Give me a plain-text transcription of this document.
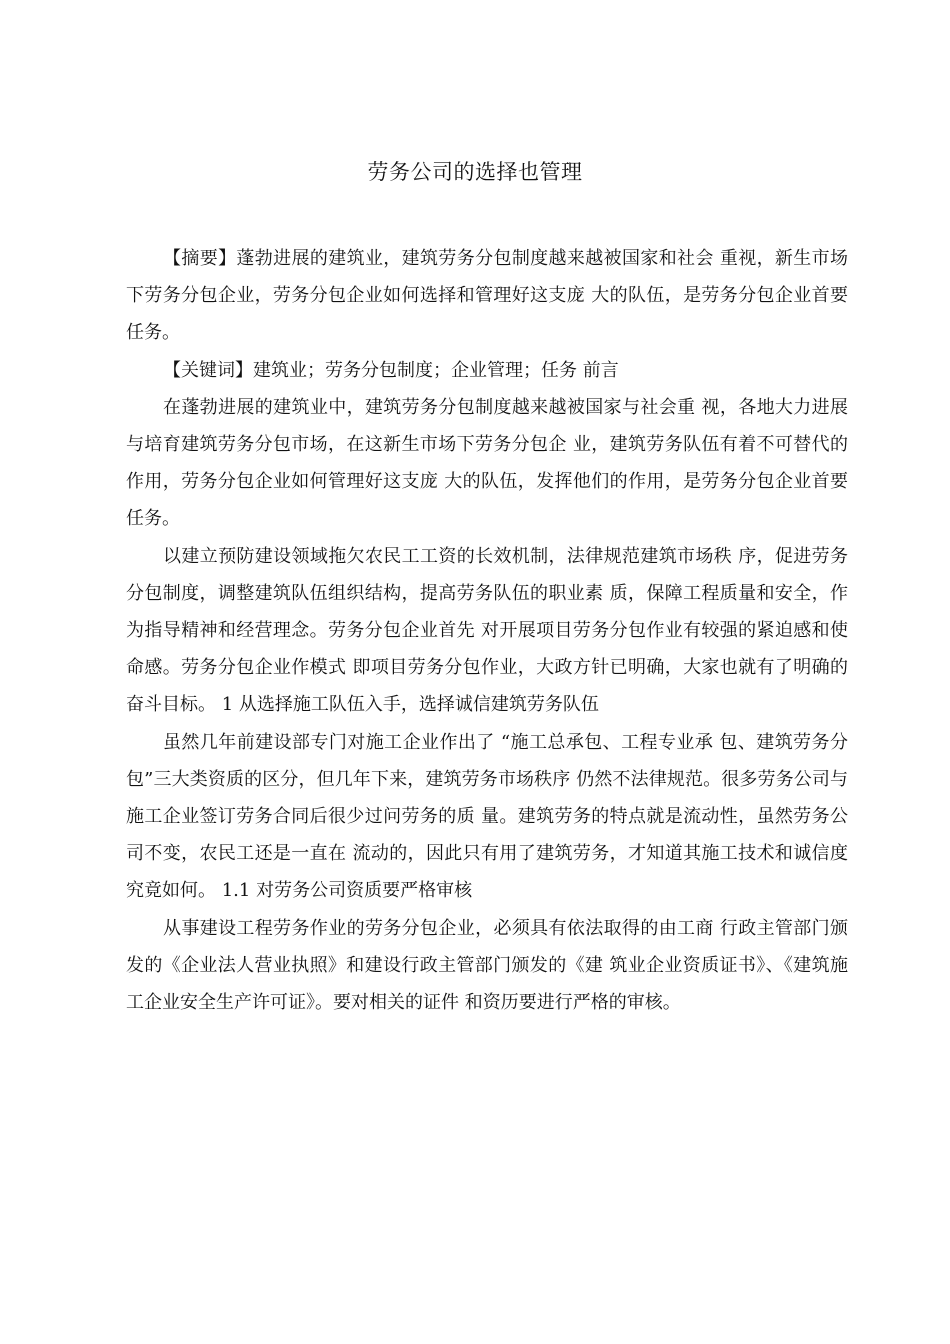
劳务公司的选择也管理

【摘要】蓬勃进展的建筑业，建筑劳务分包制度越来越被国家和社会 重视，新生市场下劳务分包企业，劳务分包企业如何选择和管理好这支庞 大的队伍，是劳务分包企业首要任务。

【关键词】建筑业；劳务分包制度；企业管理；任务 前言

在蓬勃进展的建筑业中，建筑劳务分包制度越来越被国家与社会重 视，各地大力进展与培育建筑劳务分包市场，在这新生市场下劳务分包企 业，建筑劳务队伍有着不可替代的作用，劳务分包企业如何管理好这支庞 大的队伍，发挥他们的作用，是劳务分包企业首要任务。

以建立预防建设领域拖欠农民工工资的长效机制，法律规范建筑市场秩 序，促进劳务分包制度，调整建筑队伍组织结构，提高劳务队伍的职业素 质，保障工程质量和安全，作为指导精神和经营理念。劳务分包企业首先 对开展项目劳务分包作业有较强的紧迫感和使命感。劳务分包企业作模式 即项目劳务分包作业，大政方针已明确，大家也就有了明确的奋斗目标。 1 从选择施工队伍入手，选择诚信建筑劳务队伍

虽然几年前建设部专门对施工企业作出了 “施工总承包、工程专业承 包、建筑劳务分包”三大类资质的区分，但几年下来，建筑劳务市场秩序 仍然不法律规范。很多劳务公司与施工企业签订劳务合同后很少过问劳务的质 量。建筑劳务的特点就是流动性，虽然劳务公司不变，农民工还是一直在 流动的，因此只有用了建筑劳务，才知道其施工技术和诚信度究竟如何。 1.1 对劳务公司资质要严格审核

从事建设工程劳务作业的劳务分包企业，必须具有依法取得的由工商 行政主管部门颁发的《企业法人营业执照》和建设行政主管部门颁发的《建 筑业企业资质证书》、《建筑施工企业安全生产许可证》。要对相关的证件 和资历要进行严格的审核。
